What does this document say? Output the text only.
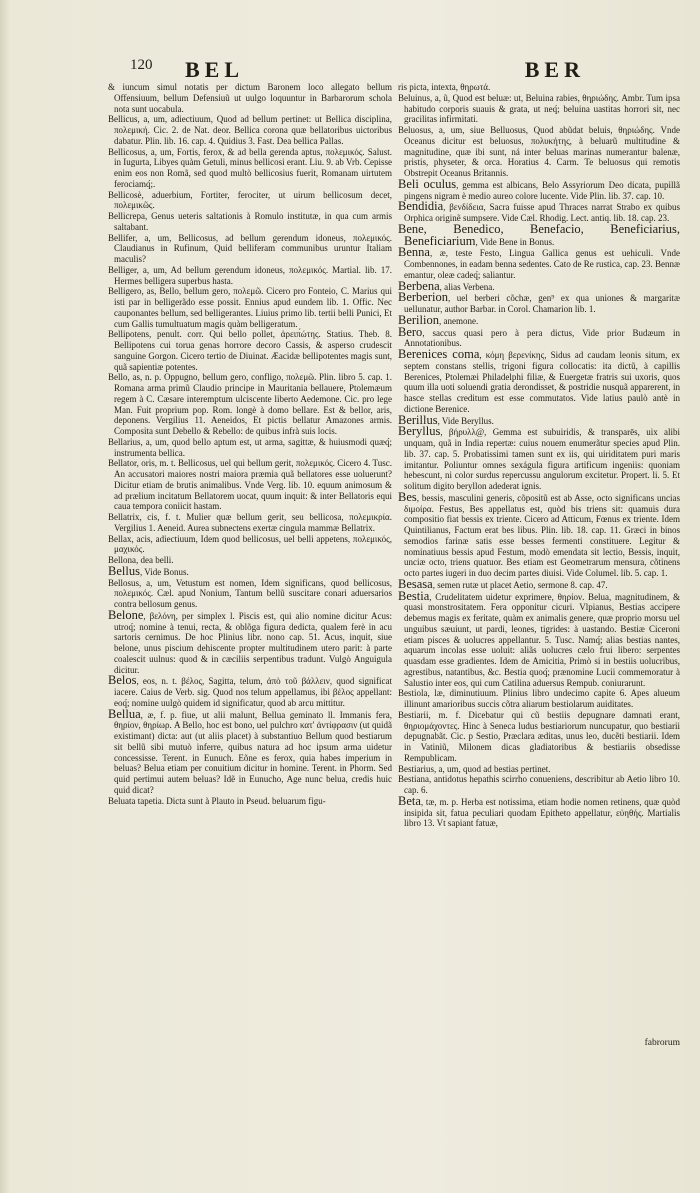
120 BEL	BER

& iuncum simul notatis per dictum Baronem loco allegato bellum Offensiuum, bellum Defensiuũ ut uulgo loquuntur in Barbarorum schola nota sunt uocabula.

Bellicus, a, um, adiectiuum, Quod ad bellum pertinet: ut Bellica disciplina, πολεμική. Cic. 2. de Nat. deor. Bellica corona quæ bellatoribus uictoribus dabatur. Plin. lib. 16. cap. 4. Quidius 3. Fast. Dea bellica Pallas.

Bellicosus, a, um, Fortis, ferox, & ad bella gerenda aptus, πολεμικός. Salust. in Iugurta, Libyes quàm Getuli, minus bellicosi erant. Liu. 9. ab Vrb. Cepisse enim eos non Romã, sed quod multò bellicosius fuerit, Romanam uirtutem ferociamq́;.

Bellicosè, aduerbium, Fortiter, ferociter, ut uirum bellicosum decet, πολεμικῶς.

Bellicrepa, Genus ueteris saltationis à Romulo institutæ, in qua cum armis saltabant.

Bellifer, a, um, Bellicosus, ad bellum gerendum idoneus, πολεμικός. Claudianus in Rufinum, Quid belliferam communibus uruntur Italiam maculis?

Belliger, a, um, Ad bellum gerendum idoneus, πολεμικός. Martial. lib. 17. Hermes belligera superbus hasta.

Belligero, as, Bello, bellum gero, πολεμῶ. Cicero pro Fonteio, C. Marius qui isti par in belligerãdo esse possit. Ennius apud eundem lib. 1. Offic. Nec cauponantes bellum, sed belligerantes. Liuius primo lib. tertii belli Punici, Et cum Gallis tumultuatum magis quàm belligeratum.

Bellipotens, penult. corr. Qui bello pollet, ἀρειπ́ώτης. Statius. Theb. 8. Bellipotens cui torua genas horrore decoro Cassis, & asperso crudescit sanguine Gorgon. Cicero tertio de Diuinat. Æacidæ bellipotentes magis sunt, quã sapientiæ potentes.

Bello, as, n. p. Oppugno, bellum gero, confligo, πολεμῶ. Plin. libro 5. cap. 1. Romana arma primũ Claudio principe in Mauritania bellauere, Ptolemæum regem à C. Cæsare interemptum ulciscente liberto Aedemone. Cic. pro lege Man. Fuit proprium pop. Rom. longè à domo bellare. Est & bellor, aris, deponens. Vergilius 11. Aeneidos, Et pictis bellatur Amazones armis. Composita sunt Debello & Rebello: de quibus infrà suis locis.

Bellarius, a, um, quod bello aptum est, ut arma, sagittæ, & huiusmodi quæq́; instrumenta bellica.

Bellator, oris, m. t. Bellicosus, uel qui bellum gerit, πολεμικός. Cicero 4. Tusc. An accusatori maiores nostri maiora præmia quã bellatores esse uoluerunt? Dicitur etiam de brutis animalibus. Vnde Verg. lib. 10. equum animosum & ad prælium incitatum Bellatorem uocat, quum inquit: & inter Bellatoris equi caua tempora coniicit hastam.

Bellatrix, cis, f. t. Mulier quæ bellum gerit, seu bellicosa, πολεμικρία. Vergilius 1. Aeneid. Aurea subnectens exertæ cingula mammæ Bellatrix.

Bellax, acis, adiectiuum, Idem quod bellicosus, uel belli appetens, πολεμικός, μαχικός.

Bellona, dea belli.

Bellus, Vide Bonus.

Bellosus, a, um, Vetustum est nomen, Idem significans, quod bellicosus, πολεμικός. Cæl. apud Nonium, Tantum bellũ suscitare conari aduersarios contra bellosum genus.

Belone, βελόνη, per simplex l. Piscis est, qui alio nomine dicitur Acus: utroq́; nomine à tenui, recta, & oblõga figura dedicta, qualem ferè in acu sartoris cernimus. De hoc Plinius libr. nono cap. 51. Acus, inquit, siue belone, unus piscium dehiscente propter multitudinem utero parit: à parte coalescit uulnus: quod & in cæciliis serpentibus tradunt. Vulgò Anguigula dicitur.

Belos, eos, n. t. βέλος, Sagitta, telum, ἀπὸ τοῦ βάλλειν, quod significat iacere. Caius de Verb. sig. Quod nos telum appellamus, ibi βέλος appellant: eoq́; nomine uulgò quidem id significatur, quod ab arcu mittitur.

Bellua, æ, f. p. fiue, ut alii malunt, Bellua geminato ll. Immanis fera, θηρίον, θηρίωρ. A Bello, hoc est bono, uel pulchro κατ' ἀντίφρασιν (ut quidã existimant) dicta: aut (ut aliis placet) à substantiuo Bellum quod bestiarum sit bellũ sibi mutuò inferre, quibus natura ad hoc ipsum arma uidetur concessisse. Terent. in Eunuch. Eõne es ferox, quia habes imperium in beluas? Belua etiam per conuitium dicitur in homine. Terent. in Phorm. Sed quid pertimui autem beluas? Idẽ in Eunucho, Age nunc belua, credis huic quid dicat?

Beluata tapetia. Dicta sunt à Plauto in Pseud. beluarum figu-

ris picta, intexta, θηρωτά.

Beluinus, a, ũ, Quod est beluæ: ut, Beluina rabies, θηριώδης. Ambr. Tum ipsa habitudo corporis suauis & grata, ut neq́; beluina uastitas horrori sit, nec gracilitas infirmitati.

Beluosus, a, um, siue Belluosus, Quod abũdat beluis, θηριώδης. Vnde Oceanus dicitur est beluosus, πολυκήτης, à beluarũ multitudine & magnitudine, quæ ibi sunt, ná inter beluas marinas numerantur balenæ, pristis, physeter, & orca. Horatius 4. Carm. Te beluosus qui remotis Obstrepit Oceanus Britannis.

Beli oculus, gemma est albicans, Belo Assyriorum Deo dicata, pupillã pingens nigram è medio aureo colore lucente. Vide Plin. lib. 37. cap. 10.

Bendidia, βενδίδεια, Sacra fuisse apud Thraces narrat Strabo ex quibus Orphica originẽ sumpsere. Vide Cæl. Rhodig. Lect. antiq. lib. 18. cap. 23.

Bene, Benedico, Benefacio, Beneficiarius, Beneficiarium, Vide Bene in Bonus.

Benna, æ, teste Festo, Lingua Gallica genus est uehiculi. Vnde Combennones, in eadam benna sedentes. Cato de Re rustica, cap. 23. Bennæ emantur, oleæ cadeq́; saliantur.

Berbena, alias Verbena.

Berberion, uel berberi cõchæ, gen⁹ ex qua uniones & margaritæ uellunatur, author Barbar. in Corol. Chamarion lib. 1.

Berilion, anemone.

Bero, saccus quasi pero à pera dictus, Vide prior Budæum in Annotationibus.

Berenices coma, κόμη βερενίκης, Sidus ad caudam leonis situm, ex septem constans stellis, trigoni figura collocatis: ita dictũ, à capillis Berenices, Ptolemæi Philadelphi filiæ, & Euergetæ fratris sui uxoris, quos quum illa uoti soluendi gratia derondisset, & postridie nusquã apparerent, in hasce stellas creditum est esse commutatos. Vide latius paulò antè in dictione Berenice.

Berillus, Vide Beryllus.

Beryllus, βήρυλλ@, Gemma est subuiridis, & transparēs, uix alibi unquam, quã in India repertæ: cuius nouem enumerãtur species apud Plin. lib. 37. cap. 5. Probatissimi tamen sunt ex iis, qui uiriditatem puri maris imitantur. Poliuntur omnes sexágula figura artificum ingeniis: quoniam hebescunt, ni color surdus repercussu angulorum excitetur. Propert. li. 5. Et solitum digito beryllon adederat ignis.

Bes, bessis, masculini generis, cõpositũ est ab Asse, octo significans uncias διμοίρα. Festus, Bes appellatus est, quòd bis triens sit: quamuis dura compositio fiat bessis ex triente. Cicero ad Atticum, Fœnus ex triente. Idem Quintilianus, Factum erat bes libus. Plin. lib. 18. cap. 11. Græci in binos semodios farinæ satis esse besses fermenti constituere. Legitur & nominatiuus bessis apud Festum, modò emendata sit lectio, Bessis, inquit, unciæ octo, triens quatuor. Bes etiam est Geometrarum mensura, cõtinens octo partes iugeri in duo decim partes diuisi. Vide Columel. lib. 5. cap. 1.

Besasa, semen rutæ ut placet Aetio, sermone 8. cap. 47.

Bestia, Crudelitatem uidetur exprimere, θηρίον. Belua, magnitudinem, & quasi monstrositatem. Fera opponitur cicuri. Vlpianus, Bestias accipere debemus magis ex feritate, quàm ex animalis genere, quæ proprio morsu uel unguibus sæuiunt, ut pardi, leones, tigrides: à uastando. Bestiæ Ciceroni etiam pisces & uolucres appellantur. 5. Tusc. Namq́; alias bestias nantes, aquarum incolas esse uoluit: aliãs uolucres cælo frui libero: serpentes quasdam esse gradientes. Idem de Amicitia, Primò si in bestiis uolucribus, agrestibus, natantibus, &c. Bestia quoq́; prænomine Lucii commemoratur à Salustio inter eos, qui cum Catilina aduersus Rempub. coniurarunt.

Bestiola, læ, diminutiuum. Plinius libro undecimo capite 6. Apes alueum illinunt amarioribus succis cõtra aliarum bestiolarum auiditates.

Bestiarii, m. f. Dicebatur qui cũ bestiis depugnare damnati erant, θηριομάχοντες. Hinc à Seneca ludus bestiariorum nuncupatur, quo bestiarii depugnabãt. Cic. p Sestio, Præclara æditas, unus leo, ducẽti bestiarii. Idem in Vatiniũ, Milonem dicas gladiatoribus & bestiariis obsedisse Rempublicam.

Bestiarius, a, um, quod ad bestias pertinet.

Bestiana, antidotus hepathis scirrho conueniens, describitur ab Aetio libro 10. cap. 6.

Beta, tæ, m. p. Herba est notissima, etiam hodie nomen retinens, quæ quòd insipida sit, fatua peculiari quodam Epitheto appellatur, εὐηθής. Martialis libro 13. Vt sapiant fatuæ,

fabrorum
